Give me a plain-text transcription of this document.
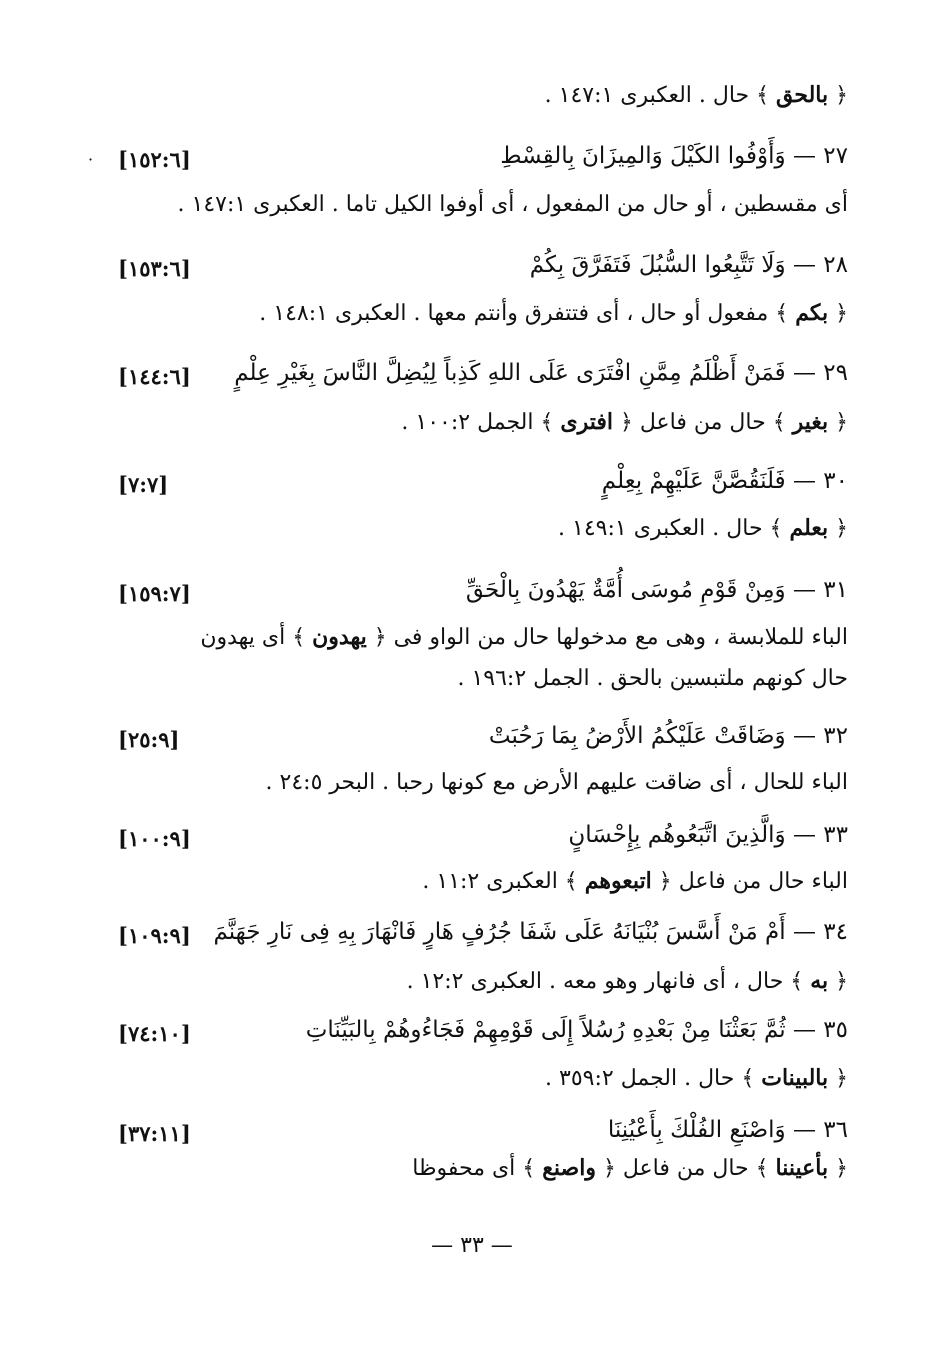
·
— ٣٣ —
﴿ بالحق ﴾ حال . العكبرى ١٤٧:١ .
٢٧ — وَأَوْفُوا الكَيْلَ وَالمِيزَانَ بِالقِسْطِ
[١٥٢:٦]
أى مقسطين ، أو حال من المفعول ، أى أوفوا الكيل تاما . العكبرى ١٤٧:١ .
٢٨ — وَلَا تَتَّبِعُوا السُّبُلَ فَتَفَرَّقَ بِكُمْ
[١٥٣:٦]
﴿ بكم ﴾ مفعول أو حال ، أى فتتفرق وأنتم معها . العكبرى ١٤٨:١ .
٢٩ — فَمَنْ أَظْلَمُ مِمَّنِ افْتَرَى عَلَى اللهِ كَذِباً لِيُضِلَّ النَّاسَ بِغَيْرِ عِلْمٍ
[١٤٤:٦]
﴿ بغير ﴾ حال من فاعل ﴿ افترى ﴾ الجمل ١٠٠:٢ .
٣٠ — فَلَنَقُصَّنَّ عَلَيْهِمْ بِعِلْمٍ
[٧:٧]
﴿ بعلم ﴾ حال . العكبرى ١٤٩:١ .
٣١ — وَمِنْ قَوْمِ مُوسَى أُمَّةٌ يَهْدُونَ بِالْحَقِّ
[١٥٩:٧]
الباء للملابسة ، وهى مع مدخولها حال من الواو فى ﴿ يهدون ﴾ أى يهدون
حال كونهم ملتبسين بالحق . الجمل ١٩٦:٢ .
٣٢ — وَضَاقَتْ عَلَيْكُمُ الأَرْضُ بِمَا رَحُبَتْ
[٢٥:٩]
الباء للحال ، أى ضاقت عليهم الأرض مع كونها رحبا . البحر ٢٤:٥ .
٣٣ — وَالَّذِينَ اتَّبَعُوهُم بِإِحْسَانٍ
[١٠٠:٩]
الباء حال من فاعل ﴿ اتبعوهم ﴾ العكبرى ١١:٢ .
٣٤ — أَمْ مَنْ أَسَّسَ بُنْيَانَهُ عَلَى شَفَا جُرُفٍ هَارٍ فَانْهَارَ بِهِ فِى نَارِ جَهَنَّمَ
[١٠٩:٩]
﴿ به ﴾ حال ، أى فانهار وهو معه . العكبرى ١٢:٢ .
٣٥ — ثُمَّ بَعَثْنَا مِنْ بَعْدِهِ رُسُلاً إِلَى قَوْمِهِمْ فَجَاءُوهُمْ بِالبَيِّنَاتِ
[٧٤:١٠]
﴿ بالبينات ﴾ حال . الجمل ٣٥٩:٢ .
٣٦ — وَاصْنَعِ الفُلْكَ بِأَعْيُنِنَا
[٣٧:١١]
﴿ بأعيننا ﴾ حال من فاعل ﴿ واصنع ﴾ أى محفوظا
